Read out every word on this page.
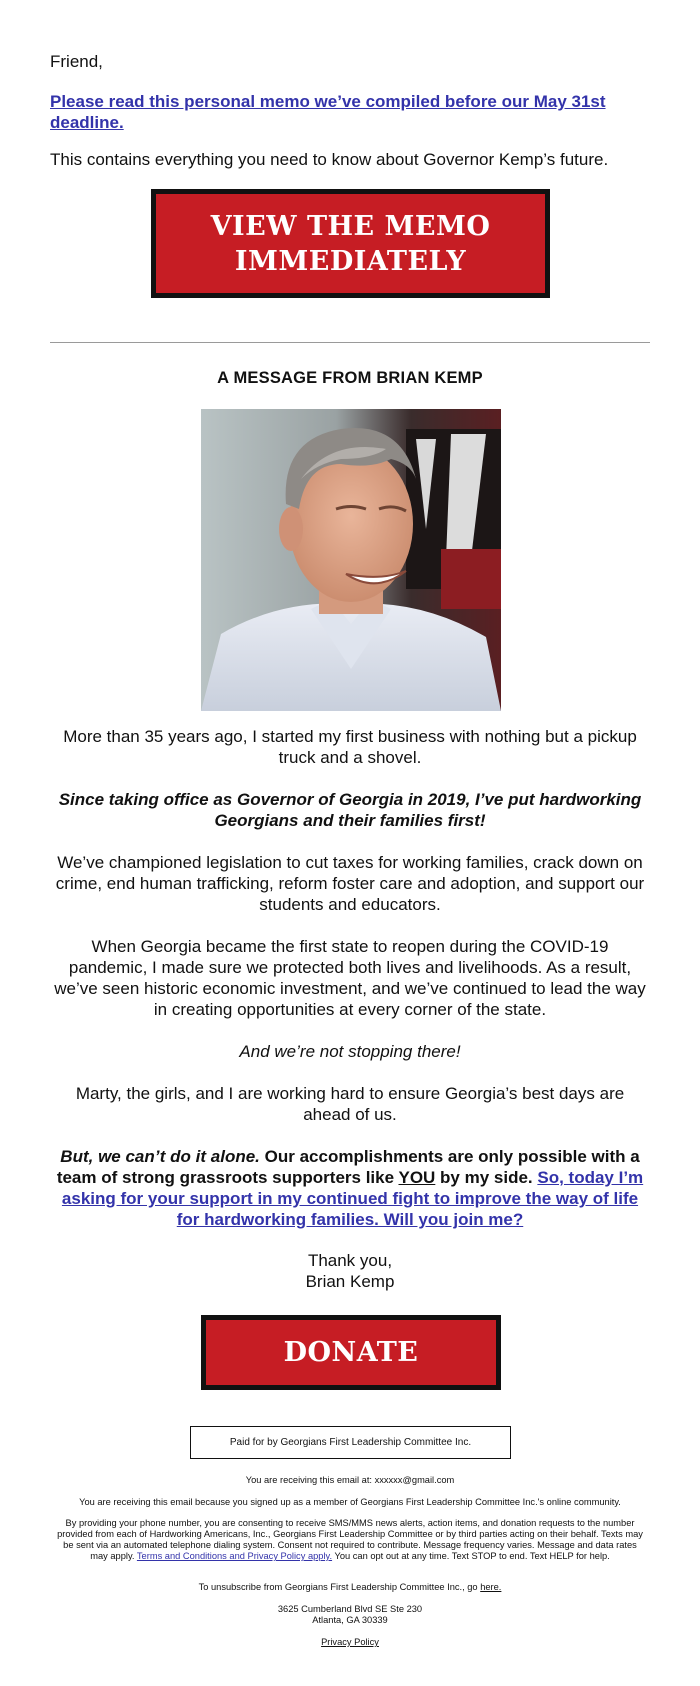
Friend,
Please read this personal memo we’ve compiled before our May 31st deadline.
This contains everything you need to know about Governor Kemp’s future.
VIEW THE MEMO
IMMEDIATELY
A MESSAGE FROM BRIAN KEMP
More than 35 years ago, I started my first business with nothing but a pickup truck and a shovel.
Since taking office as Governor of Georgia in 2019, I’ve put hardworking Georgians and their families first!
We’ve championed legislation to cut taxes for working families, crack down on crime, end human trafficking, reform foster care and adoption, and support our students and educators.
When Georgia became the first state to reopen during the COVID-19 pandemic, I made sure we protected both lives and livelihoods. As a result, we’ve seen historic economic investment, and we’ve continued to lead the way in creating opportunities at every corner of the state.
And we’re not stopping there!
Marty, the girls, and I are working hard to ensure Georgia’s best days are ahead of us.
But, we can’t do it alone. Our accomplishments are only possible with a team of strong grassroots supporters like YOU by my side. So, today I’m asking for your support in my continued fight to improve the way of life for hardworking families. Will you join me?
Thank you,
Brian Kemp
DONATE
Paid for by Georgians First Leadership Committee Inc.
You are receiving this email at: xxxxxx@gmail.com
You are receiving this email because you signed up as a member of Georgians First Leadership Committee Inc.'s online community.
By providing your phone number, you are consenting to receive SMS/MMS news alerts, action items, and donation requests to the number provided from each of Hardworking Americans, Inc., Georgians First Leadership Committee or by third parties acting on their behalf. Texts may be sent via an automated telephone dialing system. Consent not required to contribute. Message frequency varies. Message and data rates may apply. Terms and Conditions and Privacy Policy apply. You can opt out at any time. Text STOP to end. Text HELP for help.
To unsubscribe from Georgians First Leadership Committee Inc., go here.
3625 Cumberland Blvd SE Ste 230
Atlanta, GA 30339
Privacy Policy
